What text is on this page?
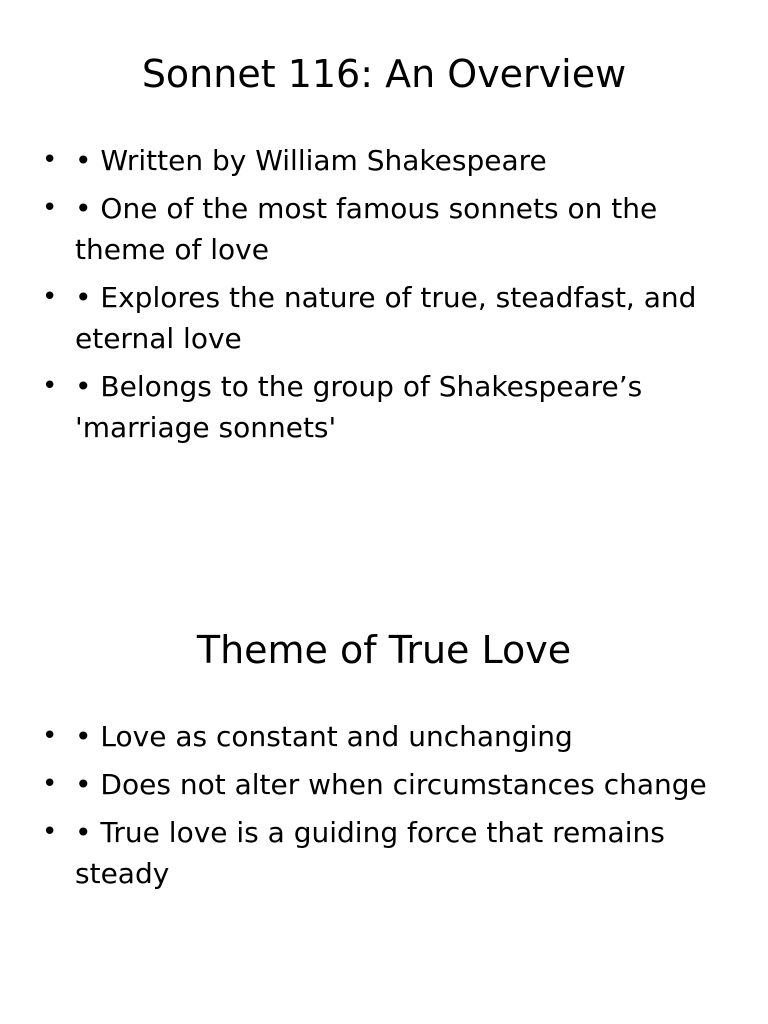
Sonnet 116: An Overview
• • Written by William Shakespeare
• • One of the most famous sonnets on the theme of love
• • Explores the nature of true, steadfast, and eternal love
• • Belongs to the group of Shakespeare’s 'marriage sonnets'
Theme of True Love
• • Love as constant and unchanging
• • Does not alter when circumstances change
• • True love is a guiding force that remains steady
